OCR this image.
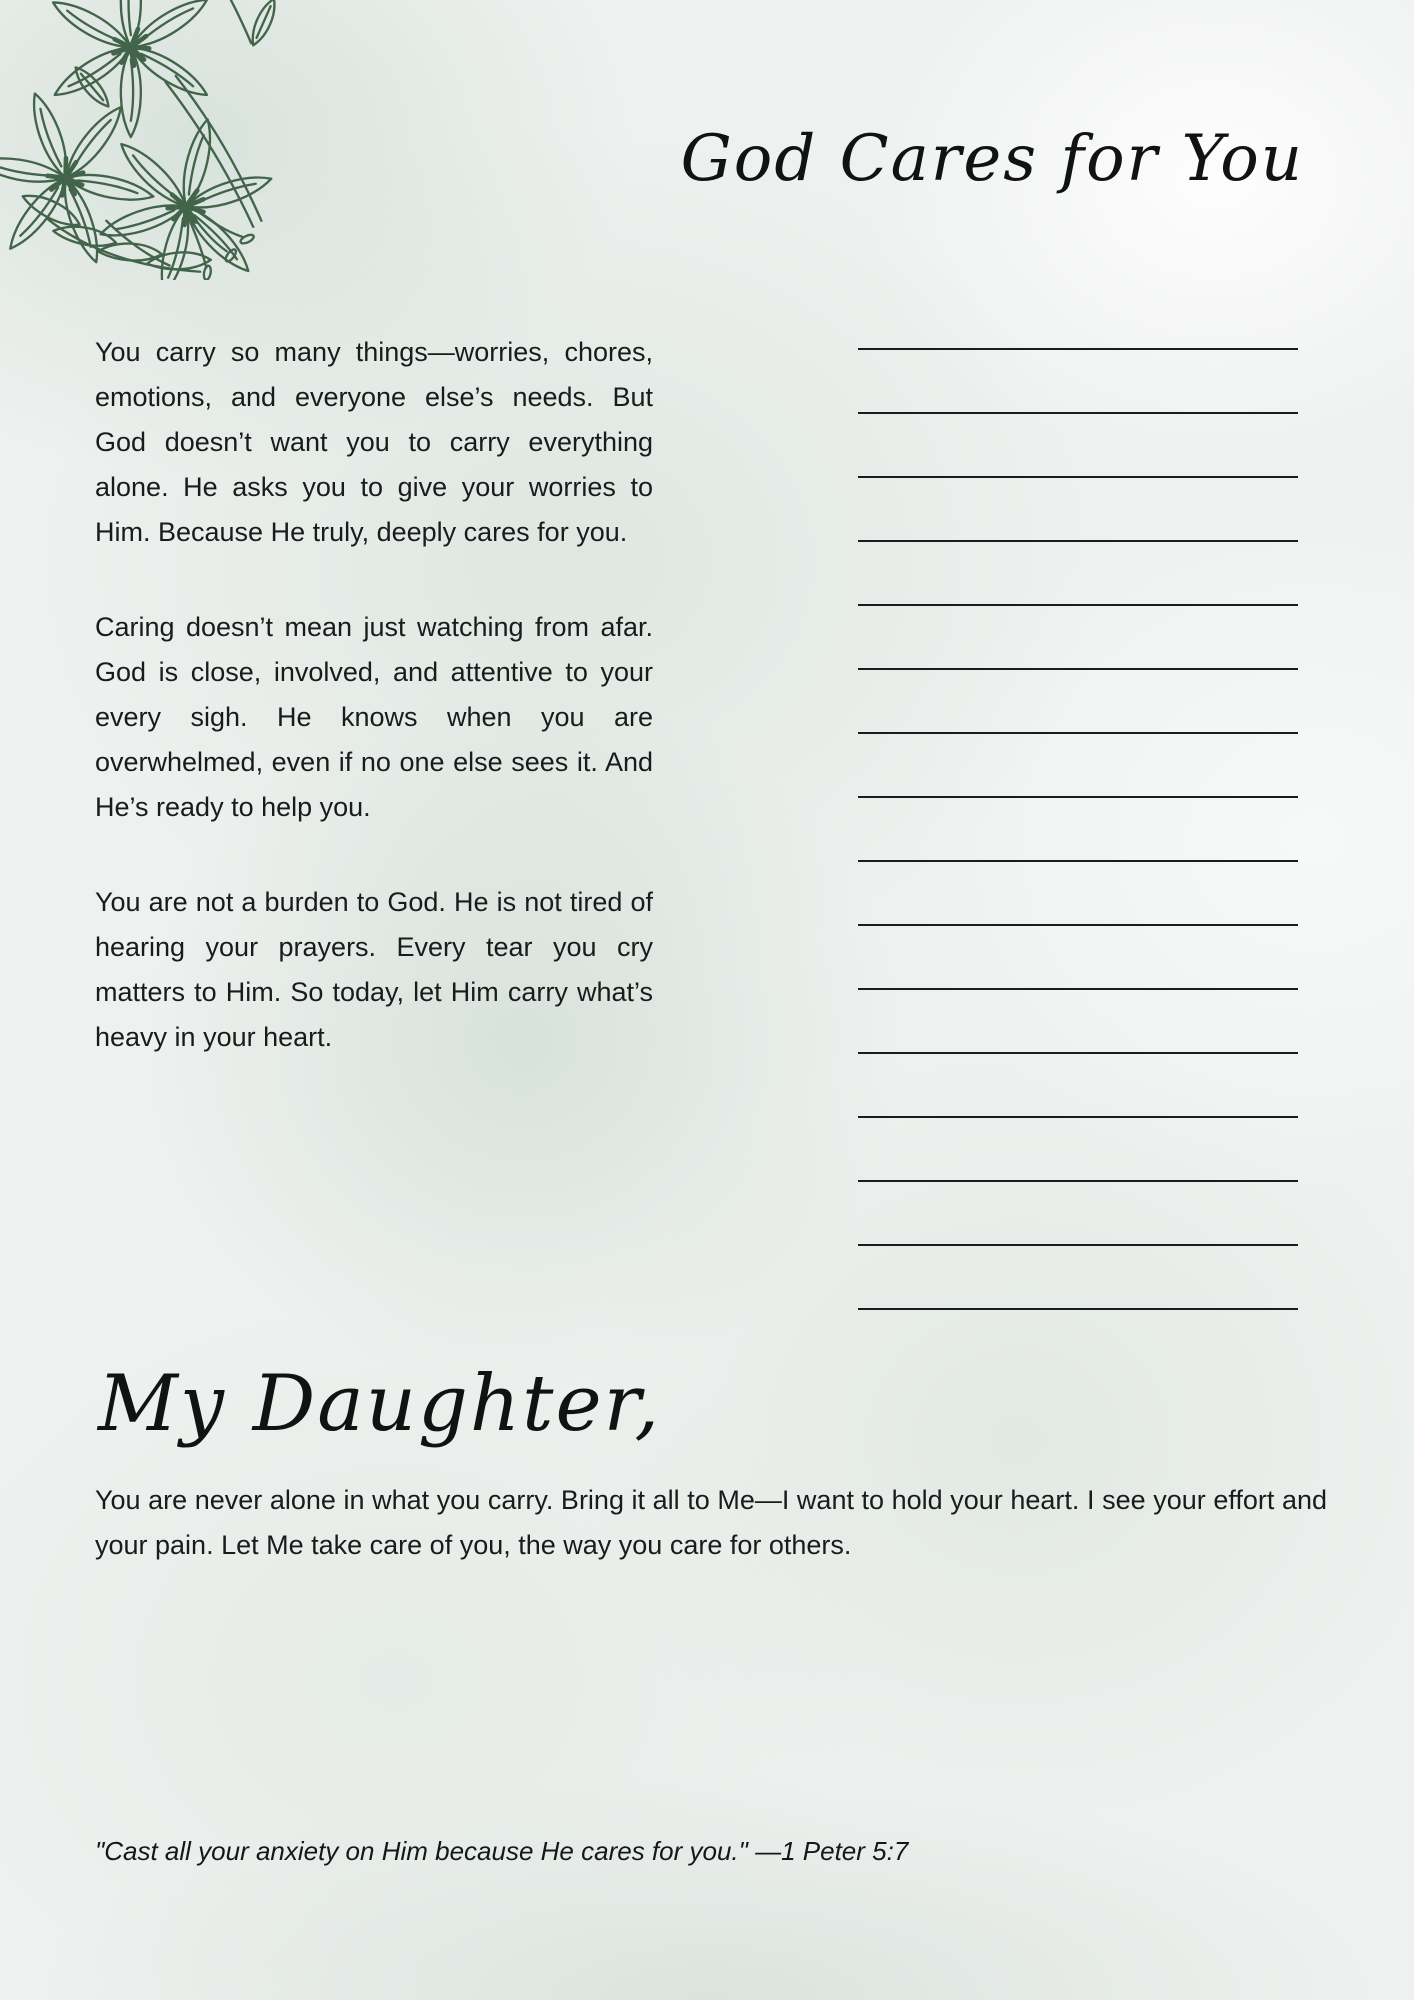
God Cares for You

You carry so many things—worries, chores, emotions, and everyone else’s needs. But God doesn’t want you to carry everything alone. He asks you to give your worries to Him. Because He truly, deeply cares for you.

Caring doesn’t mean just watching from afar. God is close, involved, and attentive to your every sigh. He knows when you are overwhelmed, even if no one else sees it. And He’s ready to help you.

You are not a burden to God. He is not tired of hearing your prayers. Every tear you cry matters to Him. So today, let Him carry what’s heavy in your heart.

My Daughter,
You are never alone in what you carry. Bring it all to Me—I want to hold your heart. I see your effort and your pain. Let Me take care of you, the way you care for others.
"Cast all your anxiety on Him because He cares for you." —1 Peter 5:7
